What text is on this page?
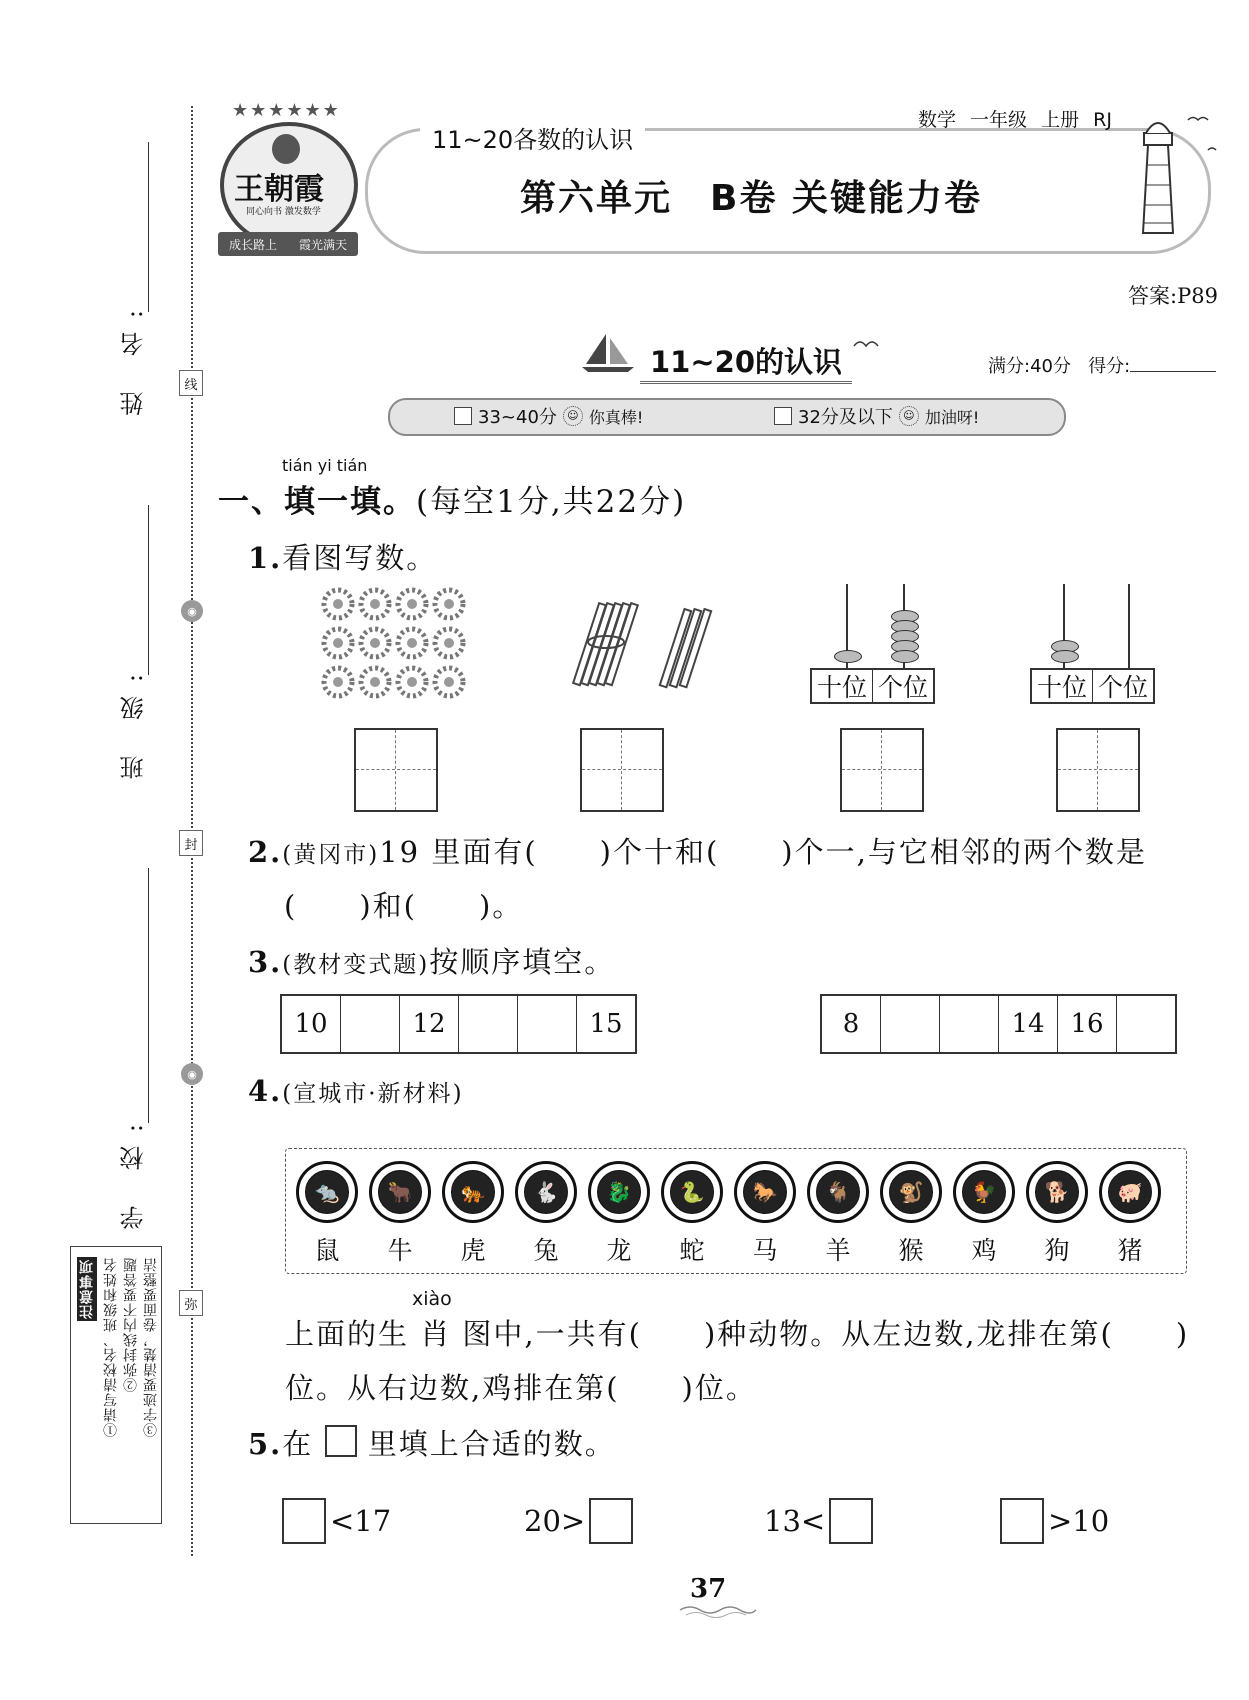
姓 名:
班 级:
学 校:
线
◉
封
◉
弥
注意事项 ①请写清校名、班级和姓名 ②弥封线内不要答题 ③字迹要清楚，卷面要整洁
★★★★★★
王朝霞
同心向书 激发数学
成长路上 霞光满天
11~20各数的认识
第六单元　B卷 关键能力卷
数学 一年级 上册 RJ
答案:P89
11~20的认识	满分:40分 得分:
33~40分 ☺ 你真棒!	32分及以下 ☺ 加油呀!
tián yi tián
一、填一填。(每空1分,共22分)
1.看图写数。
十位 个位	十位 个位
2.(黄冈市)19 里面有(　　)个十和(　　)个一,与它相邻的两个数是
(　　)和(　　)。
3.(教材变式题)按顺序填空。
10	12	15	8	14 16
4.(宣城市·新材料)
🐀
鼠
🐂
牛
🐅
虎
🐇
兔
🐉
龙
🐍
蛇
🐎
马
🐐
羊
🐒
猴
🐓
鸡
🐕
狗
🐖
猪
xiào
上面的生 肖 图中,一共有(　　)种动物。从左边数,龙排在第(　　)
位。从右边数,鸡排在第(　　)位。
5.在 里填上合适的数。
<17	20>	13<	>10
37
